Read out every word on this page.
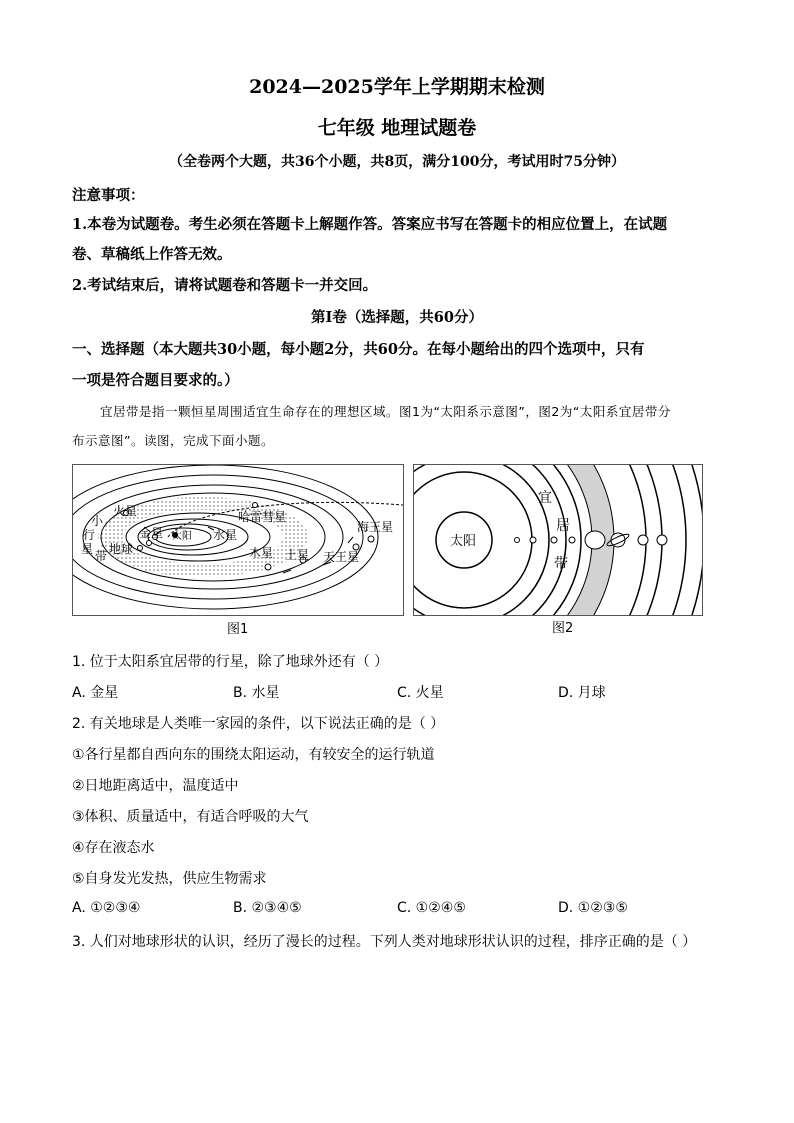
2024—2025学年上学期期末检测
七年级 地理试题卷
（全卷两个大题，共36个小题，共8页，满分100分，考试用时75分钟）
注意事项：
1.本卷为试题卷。考生必须在答题卡上解题作答。答案应书写在答题卡的相应位置上，在试题
卷、草稿纸上作答无效。
2.考试结束后，请将试题卷和答题卡一并交回。
第Ⅰ卷（选择题，共60分）
一、选择题（本大题共30小题，每小题2分，共60分。在每小题给出的四个选项中，只有
一项是符合题目要求的。）
宜居带是指一颗恒星周围适宜生命存在的理想区域。图1为“太阳系示意图”，图2为“太阳系宜居带分
布示意图”。读图，完成下面小题。
小
行
星 带
火星
金星 太阳 水星
地球
哈雷彗星
海王星
木星 土星 天王星
图1
太阳
宜
居
带
图2
1. 位于太阳系宜居带的行星，除了地球外还有（ ）
A. 金星	B. 水星	C. 火星	D. 月球
2. 有关地球是人类唯一家园的条件，以下说法正确的是（ ）
①各行星都自西向东的围绕太阳运动，有较安全的运行轨道
②日地距离适中，温度适中
③体积、质量适中，有适合呼吸的大气
④存在液态水
⑤自身发光发热，供应生物需求
A. ①②③④	B. ②③④⑤	C. ①②④⑤	D. ①②③⑤
3. 人们对地球形状的认识，经历了漫长的过程。下列人类对地球形状认识的过程，排序正确的是（ ）
